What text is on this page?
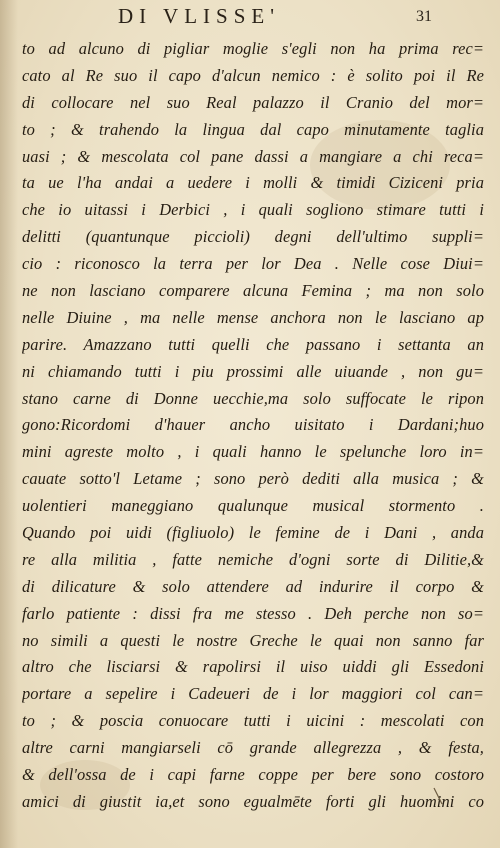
DI VLISSE'	31
to ad alcuno di pigliar moglie s'egli non ha prima rec=
cato al Re suo il capo d'alcun nemico : è solito poi il Re
di collocare nel suo Real palazzo il Cranio del mor=
to ; & trahendo la lingua dal capo minutamente taglia
uasi ; & mescolata col pane dassi a mangiare a chi reca=
ta ue l'ha andai a uedere i molli & timidi Ciziceni pria
che io uitassi i Derbici , i quali sogliono stimare tutti i
delitti (quantunque piccioli) degni dell'ultimo suppli=
cio : riconosco la terra per lor Dea . Nelle cose Diui=
ne non lasciano comparere alcuna Femina ; ma non solo
nelle Diuine , ma nelle mense anchora non le lasciano ap
parire. Amazzano tutti quelli che passano i settanta an
ni chiamando tutti i piu prossimi alle uiuande , non gu=
stano carne di Donne uecchie,ma solo suffocate le ripon
gono:Ricordomi d'hauer ancho uisitato i Dardani;huo
mini agreste molto , i quali hanno le spelunche loro in=
cauate sotto'l Letame ; sono però dediti alla musica ; &
uolentieri maneggiano qualunque musical stormento .
Quando poi uidi (figliuolo) le femine de i Dani , anda
re alla militia , fatte nemiche d'ogni sorte di Dilitie,&
di dilicature & solo attendere ad indurire il corpo &
farlo patiente : dissi fra me stesso . Deh perche non so=
no simili a questi le nostre Greche le quai non sanno far
altro che lisciarsi & rapolirsi il uiso uiddi gli Essedoni
portare a sepelire i Cadeueri de i lor maggiori col can=
to ; & poscia conuocare tutti i uicini : mescolati con
altre carni mangiarseli cō grande allegrezza , & festa,
& dell'ossa de i capi farne coppe per bere sono costoro
amici di giustit ia,et sono egualmēte forti gli huomini co
